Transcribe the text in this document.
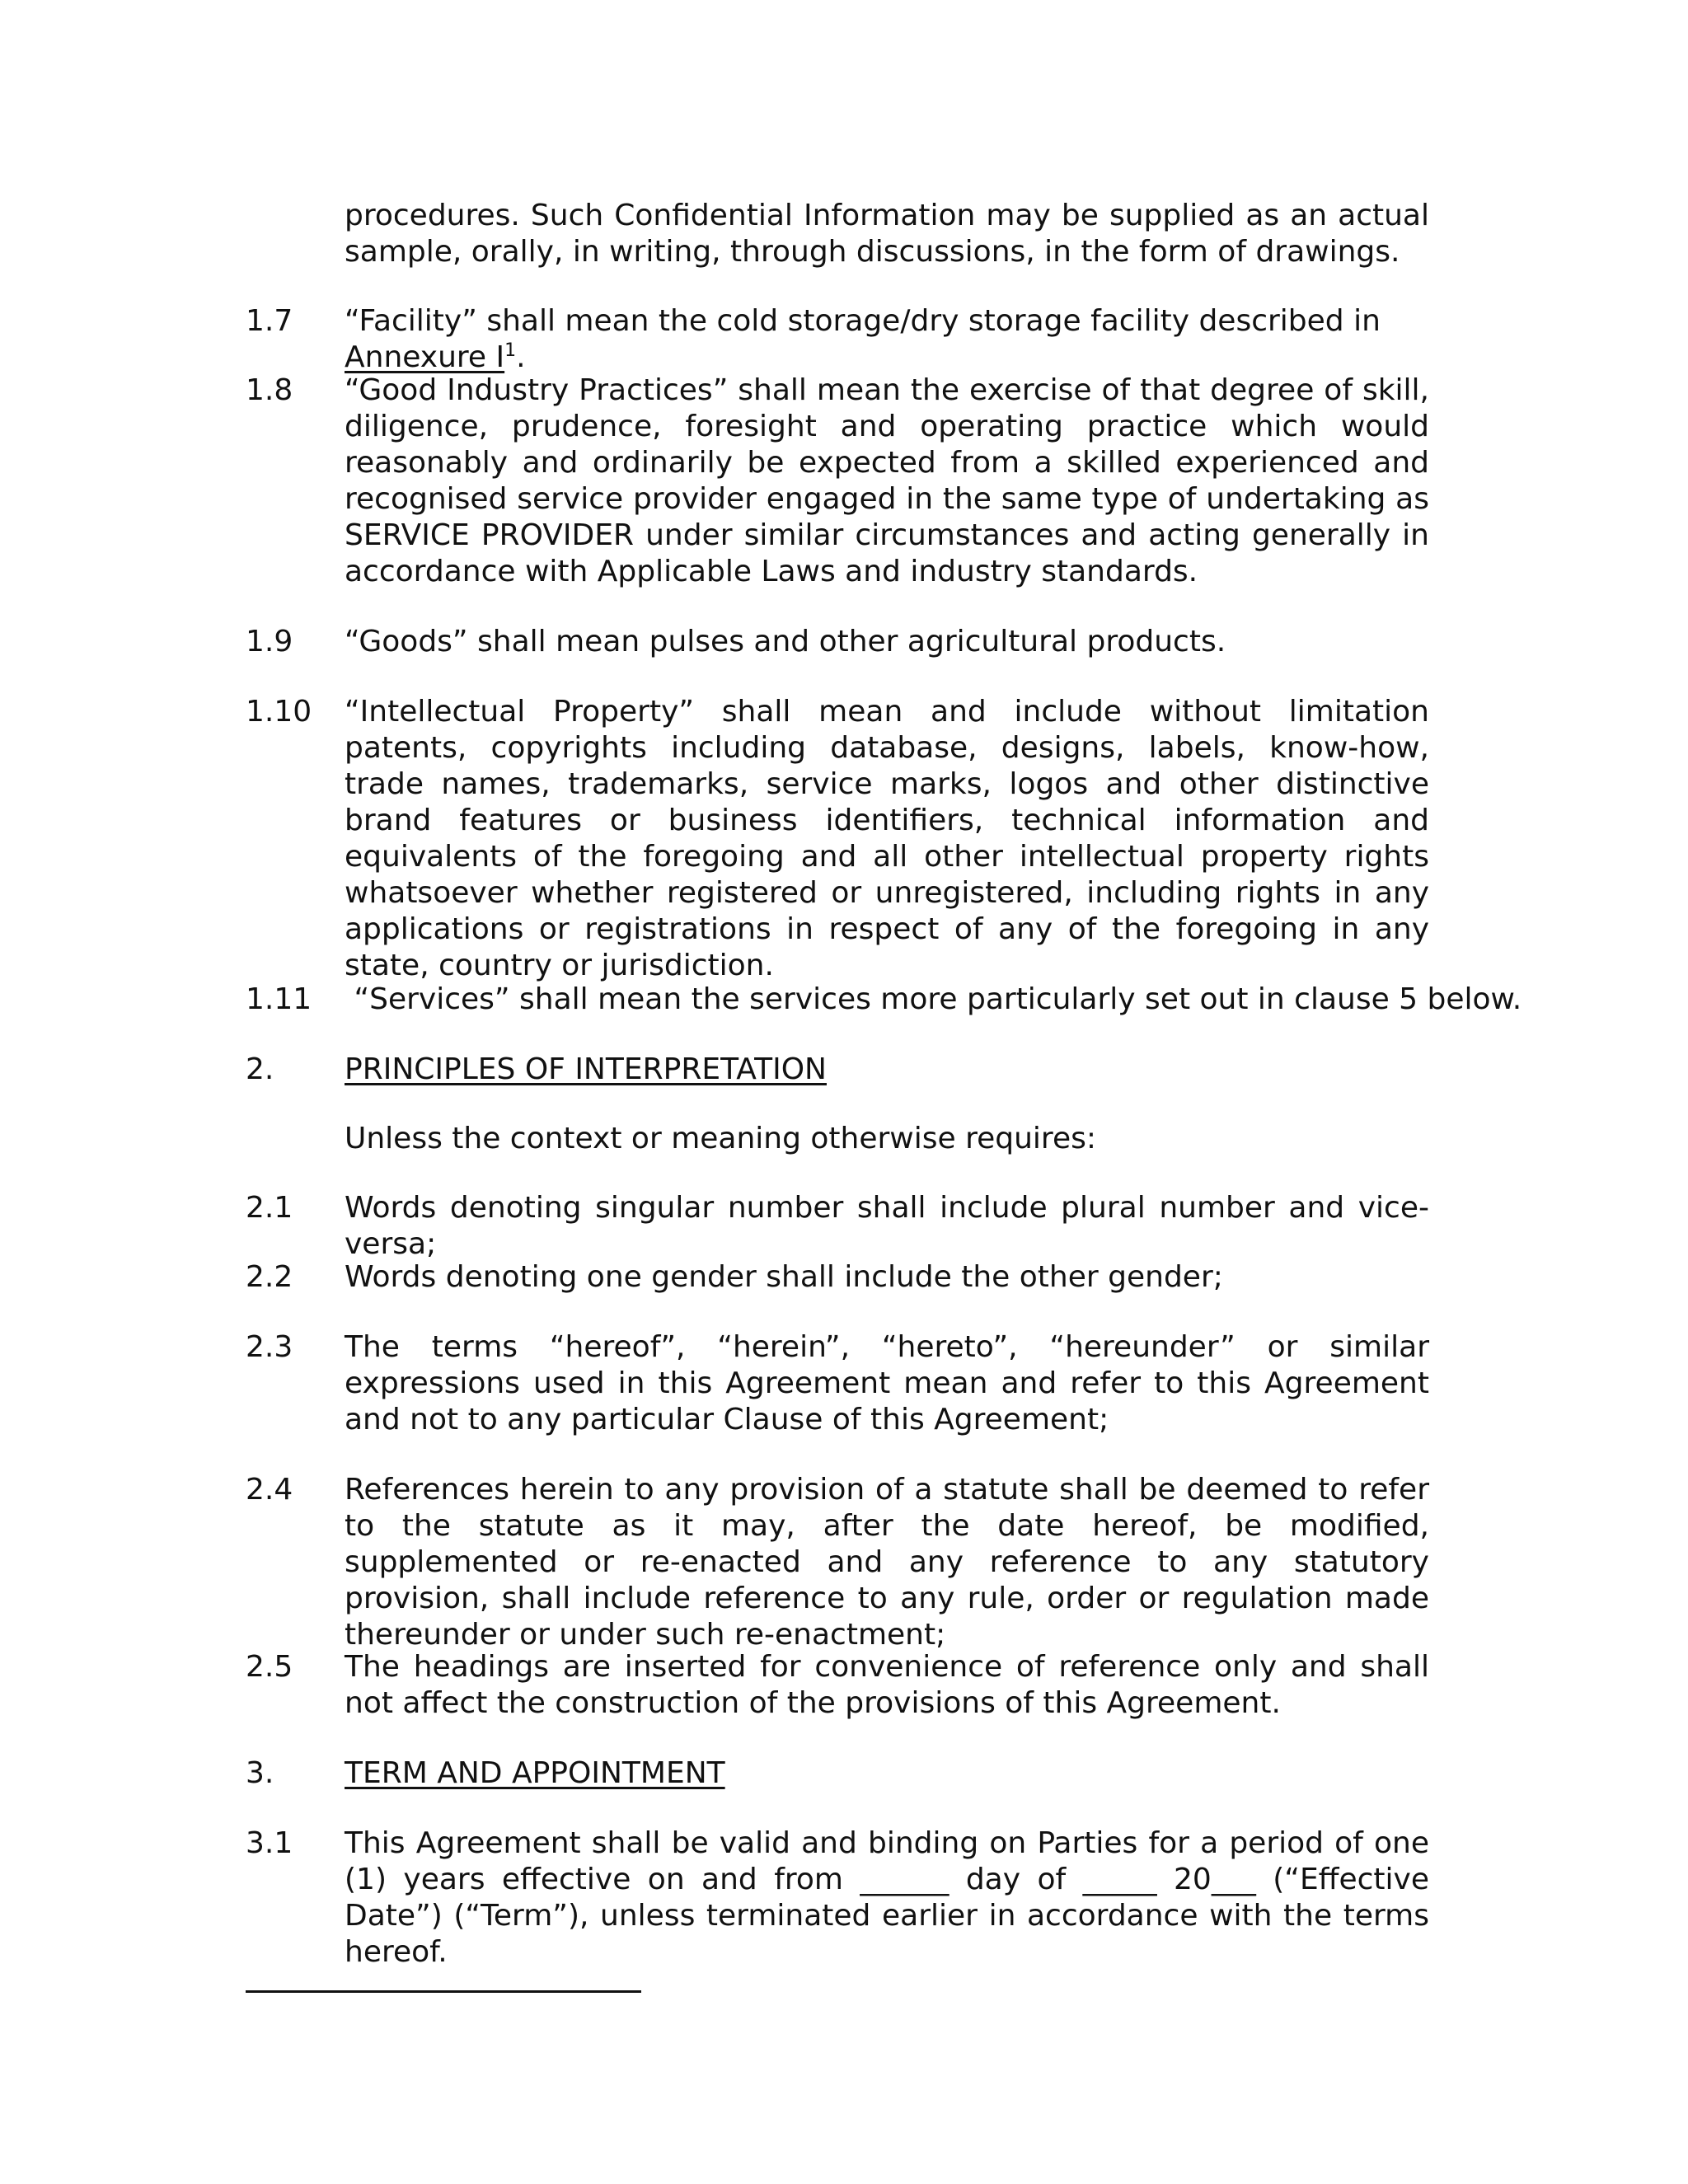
procedures. Such Confidential Information may be supplied as an actual sample, orally, in writing, through discussions, in the form of drawings.

1.7 “Facility” shall mean the cold storage/dry storage facility described in Annexure $I^1$.

1.8 “Good Industry Practices” shall mean the exercise of that degree of skill, diligence, prudence, foresight and operating practice which would reasonably and ordinarily be expected from a skilled experienced and recognised service provider engaged in the same type of undertaking as SERVICE PROVIDER under similar circumstances and acting generally in accordance with Applicable Laws and industry standards.

1.9 “Goods” shall mean pulses and other agricultural products.

1.10 “Intellectual Property” shall mean and include without limitation patents, copyrights including database, designs, labels, know-how, trade names, trademarks, service marks, logos and other distinctive brand features or business identifiers, technical information and equivalents of the foregoing and all other intellectual property rights whatsoever whether registered or unregistered, including rights in any applications or registrations in respect of any of the foregoing in any state, country or jurisdiction.

1.11 “Services” shall mean the services more particularly set out in clause 5 below.

2. PRINCIPLES OF INTERPRETATION

Unless the context or meaning otherwise requires:

2.1 Words denoting singular number shall include plural number and vice-versa;

2.2 Words denoting one gender shall include the other gender;

2.3 The terms “hereof”, “herein”, “hereto”, “hereunder” or similar expressions used in this Agreement mean and refer to this Agreement and not to any particular Clause of this Agreement;

2.4 References herein to any provision of a statute shall be deemed to refer to the statute as it may, after the date hereof, be modified, supplemented or re-enacted and any reference to any statutory provision, shall include reference to any rule, order or regulation made thereunder or under such re-enactment;

2.5 The headings are inserted for convenience of reference only and shall not affect the construction of the provisions of this Agreement.

3. TERM AND APPOINTMENT

3.1 This Agreement shall be valid and binding on Parties for a period of one (1) years effective on and from ______ day of _____ 20___ (“Effective Date”) (“Term”), unless terminated earlier in accordance with the terms hereof.
